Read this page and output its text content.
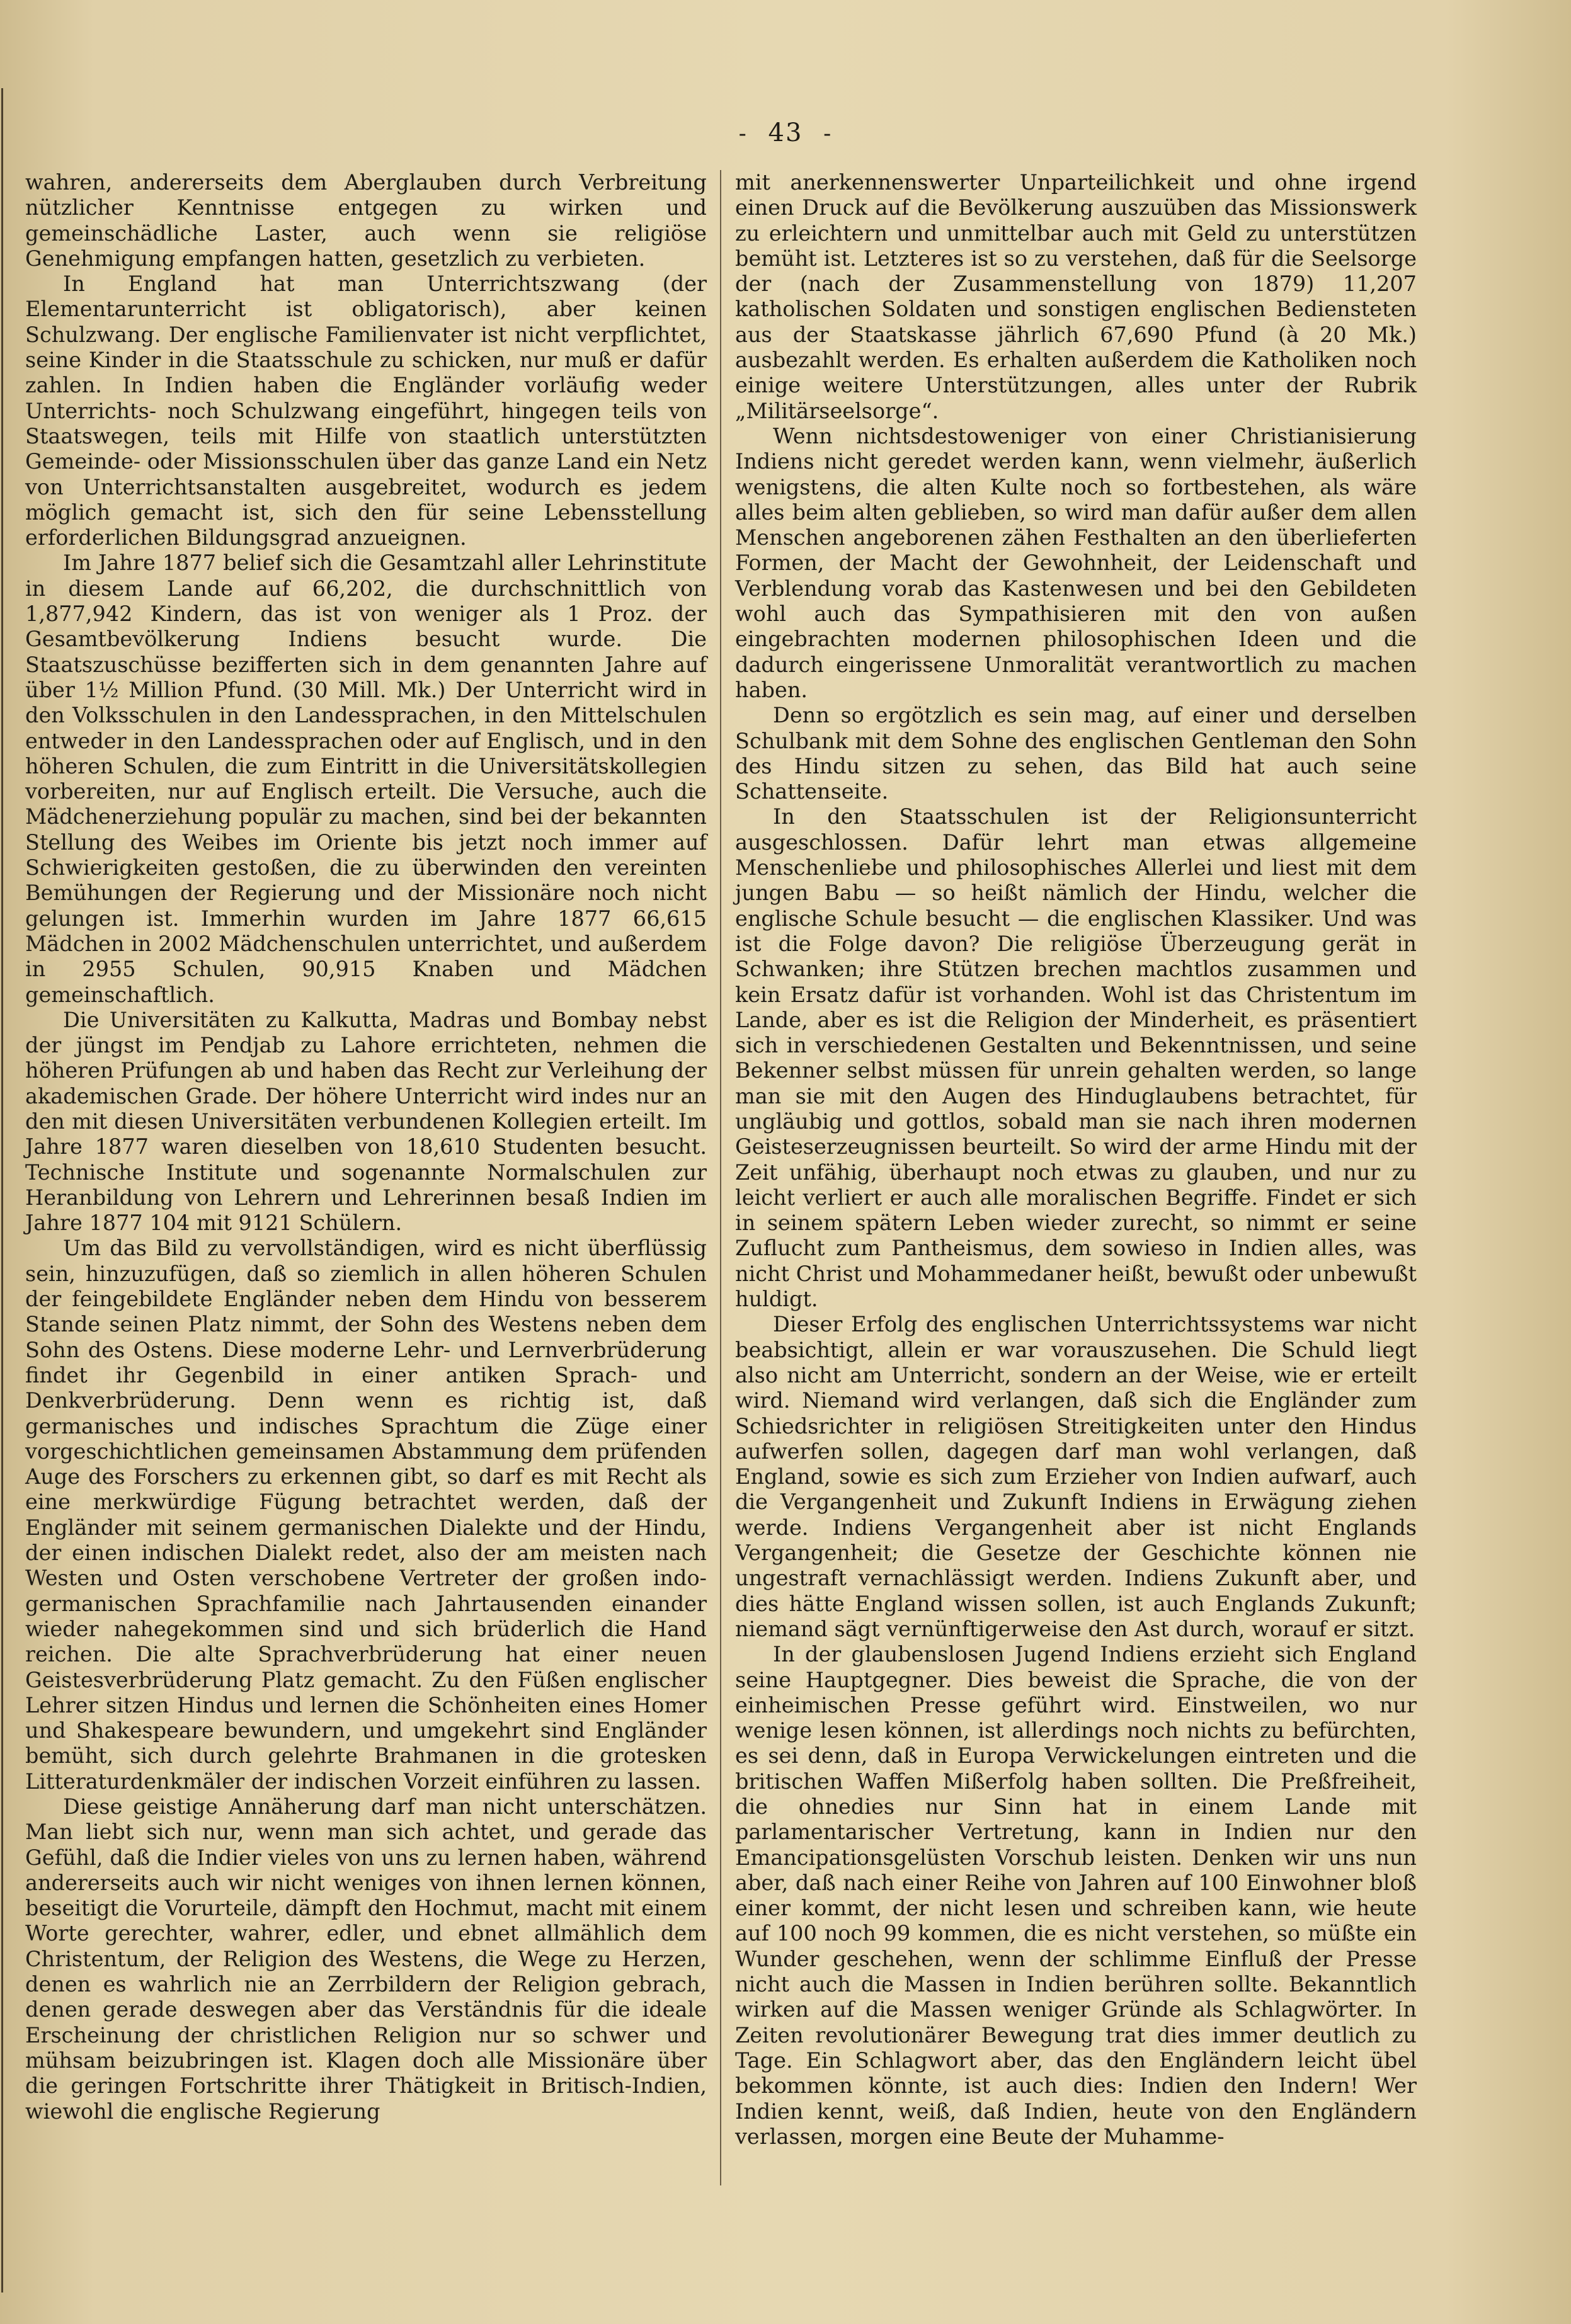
- 43 -

wahren, andererseits dem Aberglauben durch Verbreitung nützlicher Kenntnisse entgegen zu wirken und gemeinschädliche Laster, auch wenn sie religiöse Genehmigung empfangen hatten, gesetzlich zu verbieten.

In England hat man Unterrichtszwang (der Elementarunterricht ist obligatorisch), aber keinen Schulzwang. Der englische Familienvater ist nicht verpflichtet, seine Kinder in die Staatsschule zu schicken, nur muß er dafür zahlen. In Indien haben die Engländer vorläufig weder Unterrichts- noch Schulzwang eingeführt, hingegen teils von Staatswegen, teils mit Hilfe von staatlich unterstützten Gemeinde- oder Missionsschulen über das ganze Land ein Netz von Unterrichtsanstalten ausgebreitet, wodurch es jedem möglich gemacht ist, sich den für seine Lebensstellung erforderlichen Bildungsgrad anzueignen.

Im Jahre 1877 belief sich die Gesamtzahl aller Lehrinstitute in diesem Lande auf 66,202, die durchschnittlich von 1,877,942 Kindern, das ist von weniger als 1 Proz. der Gesamtbevölkerung Indiens besucht wurde. Die Staatszuschüsse bezifferten sich in dem genannten Jahre auf über 1½ Million Pfund. (30 Mill. Mk.) Der Unterricht wird in den Volksschulen in den Landessprachen, in den Mittelschulen entweder in den Landessprachen oder auf Englisch, und in den höheren Schulen, die zum Eintritt in die Universitätskollegien vorbereiten, nur auf Englisch erteilt. Die Versuche, auch die Mädchenerziehung populär zu machen, sind bei der bekannten Stellung des Weibes im Oriente bis jetzt noch immer auf Schwierigkeiten gestoßen, die zu überwinden den vereinten Bemühungen der Regierung und der Missionäre noch nicht gelungen ist. Immerhin wurden im Jahre 1877 66,615 Mädchen in 2002 Mädchenschulen unterrichtet, und außerdem in 2955 Schulen, 90,915 Knaben und Mädchen gemeinschaftlich.

Die Universitäten zu Kalkutta, Madras und Bombay nebst der jüngst im Pendjab zu Lahore errichteten, nehmen die höheren Prüfungen ab und haben das Recht zur Verleihung der akademischen Grade. Der höhere Unterricht wird indes nur an den mit diesen Universitäten verbundenen Kollegien erteilt. Im Jahre 1877 waren dieselben von 18,610 Studenten besucht. Technische Institute und sogenannte Normalschulen zur Heranbildung von Lehrern und Lehrerinnen besaß Indien im Jahre 1877 104 mit 9121 Schülern.

Um das Bild zu vervollständigen, wird es nicht überflüssig sein, hinzuzufügen, daß so ziemlich in allen höheren Schulen der feingebildete Engländer neben dem Hindu von besserem Stande seinen Platz nimmt, der Sohn des Westens neben dem Sohn des Ostens. Diese moderne Lehr- und Lernverbrüderung findet ihr Gegenbild in einer antiken Sprach- und Denkverbrüderung. Denn wenn es richtig ist, daß germanisches und indisches Sprachtum die Züge einer vorgeschichtlichen gemeinsamen Abstammung dem prüfenden Auge des Forschers zu erkennen gibt, so darf es mit Recht als eine merkwürdige Fügung betrachtet werden, daß der Engländer mit seinem germanischen Dialekte und der Hindu, der einen indischen Dialekt redet, also der am meisten nach Westen und Osten verschobene Vertreter der großen indo-germanischen Sprachfamilie nach Jahrtausenden einander wieder nahegekommen sind und sich brüderlich die Hand reichen. Die alte Sprachverbrüderung hat einer neuen Geistesverbrüderung Platz gemacht. Zu den Füßen englischer Lehrer sitzen Hindus und lernen die Schönheiten eines Homer und Shakespeare bewundern, und umgekehrt sind Engländer bemüht, sich durch gelehrte Brahmanen in die grotesken Litteraturdenkmäler der indischen Vorzeit einführen zu lassen.

Diese geistige Annäherung darf man nicht unterschätzen. Man liebt sich nur, wenn man sich achtet, und gerade das Gefühl, daß die Indier vieles von uns zu lernen haben, während andererseits auch wir nicht weniges von ihnen lernen können, beseitigt die Vorurteile, dämpft den Hochmut, macht mit einem Worte gerechter, wahrer, edler, und ebnet allmählich dem Christentum, der Religion des Westens, die Wege zu Herzen, denen es wahrlich nie an Zerrbildern der Religion gebrach, denen gerade deswegen aber das Verständnis für die ideale Erscheinung der christlichen Religion nur so schwer und mühsam beizubringen ist. Klagen doch alle Missionäre über die geringen Fortschritte ihrer Thätigkeit in Britisch-Indien, wiewohl die englische Regierung

mit anerkennenswerter Unparteilichkeit und ohne irgend einen Druck auf die Bevölkerung auszuüben das Missionswerk zu erleichtern und unmittelbar auch mit Geld zu unterstützen bemüht ist. Letzteres ist so zu verstehen, daß für die Seelsorge der (nach der Zusammenstellung von 1879) 11,207 katholischen Soldaten und sonstigen englischen Bediensteten aus der Staatskasse jährlich 67,690 Pfund (à 20 Mk.) ausbezahlt werden. Es erhalten außerdem die Katholiken noch einige weitere Unterstützungen, alles unter der Rubrik „Militärseelsorge“.

Wenn nichtsdestoweniger von einer Christianisierung Indiens nicht geredet werden kann, wenn vielmehr, äußerlich wenigstens, die alten Kulte noch so fortbestehen, als wäre alles beim alten geblieben, so wird man dafür außer dem allen Menschen angeborenen zähen Festhalten an den überlieferten Formen, der Macht der Gewohnheit, der Leidenschaft und Verblendung vorab das Kastenwesen und bei den Gebildeten wohl auch das Sympathisieren mit den von außen eingebrachten modernen philosophischen Ideen und die dadurch eingerissene Unmoralität verantwortlich zu machen haben.

Denn so ergötzlich es sein mag, auf einer und derselben Schulbank mit dem Sohne des englischen Gentleman den Sohn des Hindu sitzen zu sehen, das Bild hat auch seine Schattenseite.

In den Staatsschulen ist der Religionsunterricht ausgeschlossen. Dafür lehrt man etwas allgemeine Menschenliebe und philosophisches Allerlei und liest mit dem jungen Babu — so heißt nämlich der Hindu, welcher die englische Schule besucht — die englischen Klassiker. Und was ist die Folge davon? Die religiöse Überzeugung gerät in Schwanken; ihre Stützen brechen machtlos zusammen und kein Ersatz dafür ist vorhanden. Wohl ist das Christentum im Lande, aber es ist die Religion der Minderheit, es präsentiert sich in verschiedenen Gestalten und Bekenntnissen, und seine Bekenner selbst müssen für unrein gehalten werden, so lange man sie mit den Augen des Hinduglaubens betrachtet, für ungläubig und gottlos, sobald man sie nach ihren modernen Geisteserzeugnissen beurteilt. So wird der arme Hindu mit der Zeit unfähig, überhaupt noch etwas zu glauben, und nur zu leicht verliert er auch alle moralischen Begriffe. Findet er sich in seinem spätern Leben wieder zurecht, so nimmt er seine Zuflucht zum Pantheismus, dem sowieso in Indien alles, was nicht Christ und Mohammedaner heißt, bewußt oder unbewußt huldigt.

Dieser Erfolg des englischen Unterrichtssystems war nicht beabsichtigt, allein er war vorauszusehen. Die Schuld liegt also nicht am Unterricht, sondern an der Weise, wie er erteilt wird. Niemand wird verlangen, daß sich die Engländer zum Schiedsrichter in religiösen Streitigkeiten unter den Hindus aufwerfen sollen, dagegen darf man wohl verlangen, daß England, sowie es sich zum Erzieher von Indien aufwarf, auch die Vergangenheit und Zukunft Indiens in Erwägung ziehen werde. Indiens Vergangenheit aber ist nicht Englands Vergangenheit; die Gesetze der Geschichte können nie ungestraft vernachlässigt werden. Indiens Zukunft aber, und dies hätte England wissen sollen, ist auch Englands Zukunft; niemand sägt vernünftigerweise den Ast durch, worauf er sitzt.

In der glaubenslosen Jugend Indiens erzieht sich England seine Hauptgegner. Dies beweist die Sprache, die von der einheimischen Presse geführt wird. Einstweilen, wo nur wenige lesen können, ist allerdings noch nichts zu befürchten, es sei denn, daß in Europa Verwickelungen eintreten und die britischen Waffen Mißerfolg haben sollten. Die Preßfreiheit, die ohnedies nur Sinn hat in einem Lande mit parlamentarischer Vertretung, kann in Indien nur den Emancipationsgelüsten Vorschub leisten. Denken wir uns nun aber, daß nach einer Reihe von Jahren auf 100 Einwohner bloß einer kommt, der nicht lesen und schreiben kann, wie heute auf 100 noch 99 kommen, die es nicht verstehen, so müßte ein Wunder geschehen, wenn der schlimme Einfluß der Presse nicht auch die Massen in Indien berühren sollte. Bekanntlich wirken auf die Massen weniger Gründe als Schlagwörter. In Zeiten revolutionärer Bewegung trat dies immer deutlich zu Tage. Ein Schlagwort aber, das den Engländern leicht übel bekommen könnte, ist auch dies: Indien den Indern! Wer Indien kennt, weiß, daß Indien, heute von den Engländern verlassen, morgen eine Beute der Muhamme-
